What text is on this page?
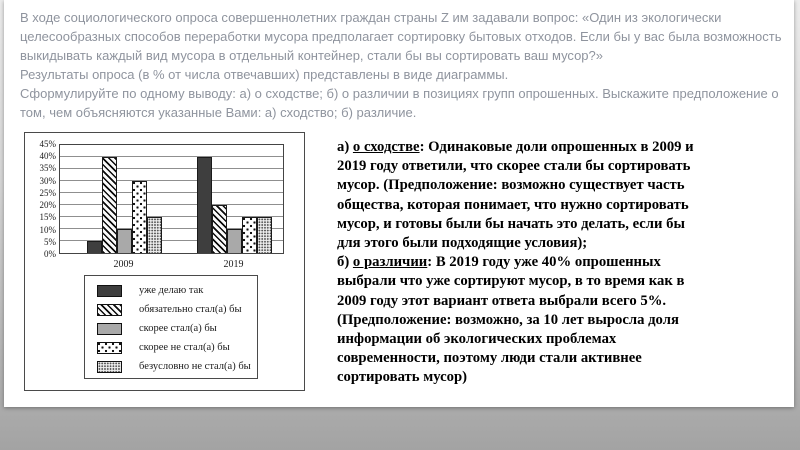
В ходе социологического опроса совершеннолетних граждан страны Z им задавали вопрос: «Один из экологически целесообразных способов переработки мусора предполагает сортировку бытовых отходов. Если бы у вас была возможность выкидывать каждый вид мусора в отдельный контейнер, стали бы вы сортировать ваш мусор?»

Результаты опроса (в % от числа отвечавших) представлены в виде диаграммы.

Сформулируйте по одному выводу: а) о сходстве; б) о различии в позициях групп опрошенных. Выскажите предположение о том, чем объясняются указанные Вами: а) сходство; б) различие.

45%
40%
35%
30%
25%
20%
15%
10%
5%
0%
2009	2019
уже делаю так
обязательно стал(а) бы
скорее стал(а) бы
скорее не стал(а) бы
безусловно не стал(а) бы

а) о сходстве: Одинаковые доли опрошенных в 2009 и 2019 году ответили, что скорее стали бы сортировать мусор. (Предположение: возможно существует часть общества, которая понимает, что нужно сортировать мусор, и готовы были бы начать это делать, если бы для этого были подходящие условия);

б) о различии: В 2019 году уже 40% опрошенных выбрали что уже сортируют мусор, в то время как в 2009 году этот вариант ответа выбрали всего 5%. (Предположение: возможно, за 10 лет выросла доля информации об экологических проблемах современности, поэтому люди стали активнее сортировать мусор)
